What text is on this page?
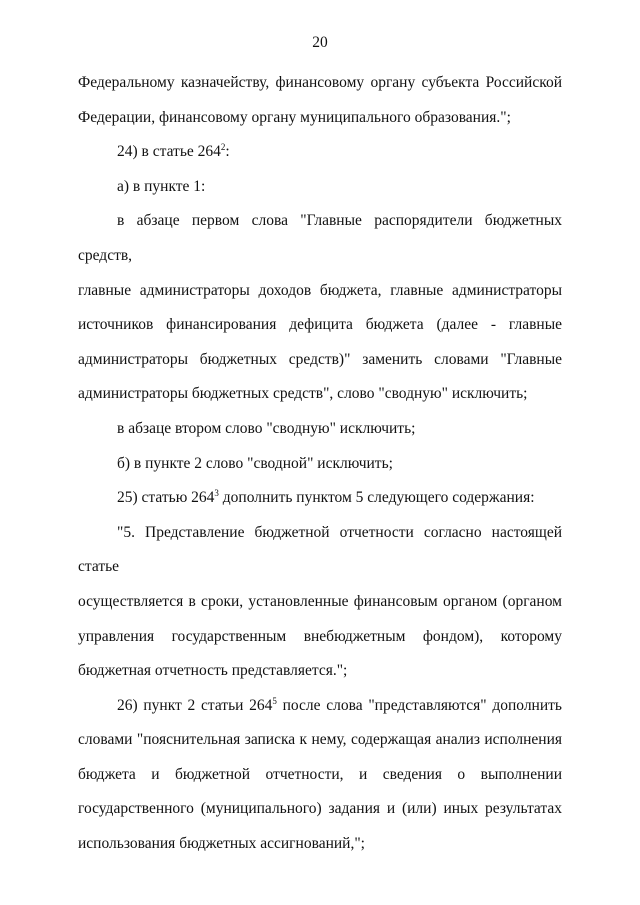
20
Федеральному казначейству, финансовому органу субъекта Российской
Федерации, финансовому органу муниципального образования.";
24) в статье $264^2$:
а) в пункте 1:
в абзаце первом слова "Главные распорядители бюджетных средств,
главные администраторы доходов бюджета, главные администраторы
источников финансирования дефицита бюджета (далее - главные
администраторы бюджетных средств)" заменить словами "Главные
администраторы бюджетных средств", слово "сводную" исключить;
в абзаце втором слово "сводную" исключить;
б) в пункте 2 слово "сводной" исключить;
25) статью $264^3$ дополнить пунктом 5 следующего содержания:
"5. Представление бюджетной отчетности согласно настоящей статье
осуществляется в сроки, установленные финансовым органом (органом
управления государственным внебюджетным фондом), которому
бюджетная отчетность представляется.";
26) пункт 2 статьи $264^5$ после слова "представляются" дополнить
словами "пояснительная записка к нему, содержащая анализ исполнения
бюджета и бюджетной отчетности, и сведения о выполнении
государственного (муниципального) задания и (или) иных результатах
использования бюджетных ассигнований,";
